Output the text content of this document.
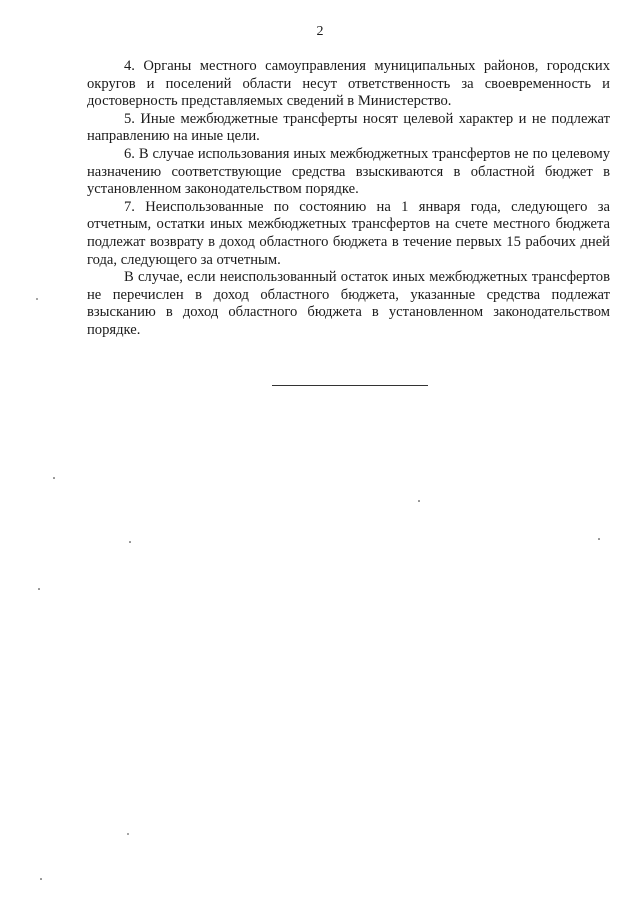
2

4. Органы местного самоуправления муниципальных районов, городских округов и поселений области несут ответственность за своевременность и достоверность представляемых сведений в Министерство.

5. Иные межбюджетные трансферты носят целевой характер и не подлежат направлению на иные цели.

6. В случае использования иных межбюджетных трансфертов не по целевому назначению соответствующие средства взыскиваются в областной бюджет в установленном законодательством порядке.

7. Неиспользованные по состоянию на 1 января года, следующего за отчетным, остатки иных межбюджетных трансфертов на счете местного бюджета подлежат возврату в доход областного бюджета в течение первых 15 рабочих дней года, следующего за отчетным.

В случае, если неиспользованный остаток иных межбюджетных трансфертов не перечислен в доход областного бюджета, указанные средства подлежат взысканию в доход областного бюджета в установленном законодательством порядке.
